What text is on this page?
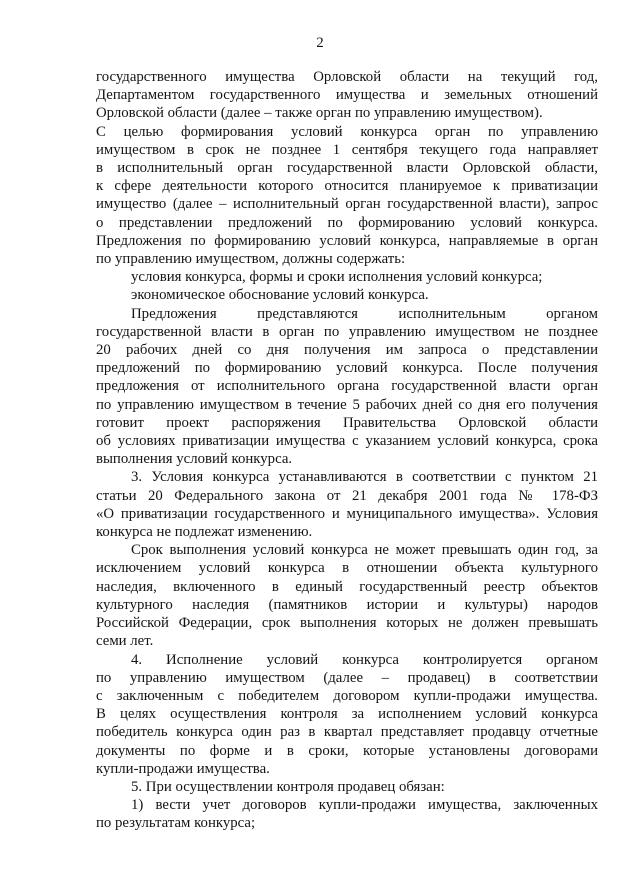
2
государственного имущества Орловской области на текущий год,
Департаментом государственного имущества и земельных отношений
Орловской области (далее – также орган по управлению имуществом).
С целью формирования условий конкурса орган по управлению
имуществом в срок не позднее 1 сентября текущего года направляет
в исполнительный орган государственной власти Орловской области,
к сфере деятельности которого относится планируемое к приватизации
имущество (далее – исполнительный орган государственной власти), запрос
о представлении предложений по формированию условий конкурса.
Предложения по формированию условий конкурса, направляемые в орган
по управлению имуществом, должны содержать:
условия конкурса, формы и сроки исполнения условий конкурса;
экономическое обоснование условий конкурса.
Предложения представляются исполнительным органом
государственной власти в орган по управлению имуществом не позднее
20 рабочих дней со дня получения им запроса о представлении
предложений по формированию условий конкурса. После получения
предложения от исполнительного органа государственной власти орган
по управлению имуществом в течение 5 рабочих дней со дня его получения
готовит проект распоряжения Правительства Орловской области
об условиях приватизации имущества с указанием условий конкурса, срока
выполнения условий конкурса.
3. Условия конкурса устанавливаются в соответствии с пунктом 21
статьи 20 Федерального закона от 21 декабря 2001 года № 178-ФЗ
«О приватизации государственного и муниципального имущества». Условия
конкурса не подлежат изменению.
Срок выполнения условий конкурса не может превышать один год, за
исключением условий конкурса в отношении объекта культурного
наследия, включенного в единый государственный реестр объектов
культурного наследия (памятников истории и культуры) народов
Российской Федерации, срок выполнения которых не должен превышать
семи лет.
4. Исполнение условий конкурса контролируется органом
по управлению имуществом (далее – продавец) в соответствии
с заключенным с победителем договором купли-продажи имущества.
В целях осуществления контроля за исполнением условий конкурса
победитель конкурса один раз в квартал представляет продавцу отчетные
документы по форме и в сроки, которые установлены договорами
купли-продажи имущества.
5. При осуществлении контроля продавец обязан:
1) вести учет договоров купли-продажи имущества, заключенных
по результатам конкурса;
